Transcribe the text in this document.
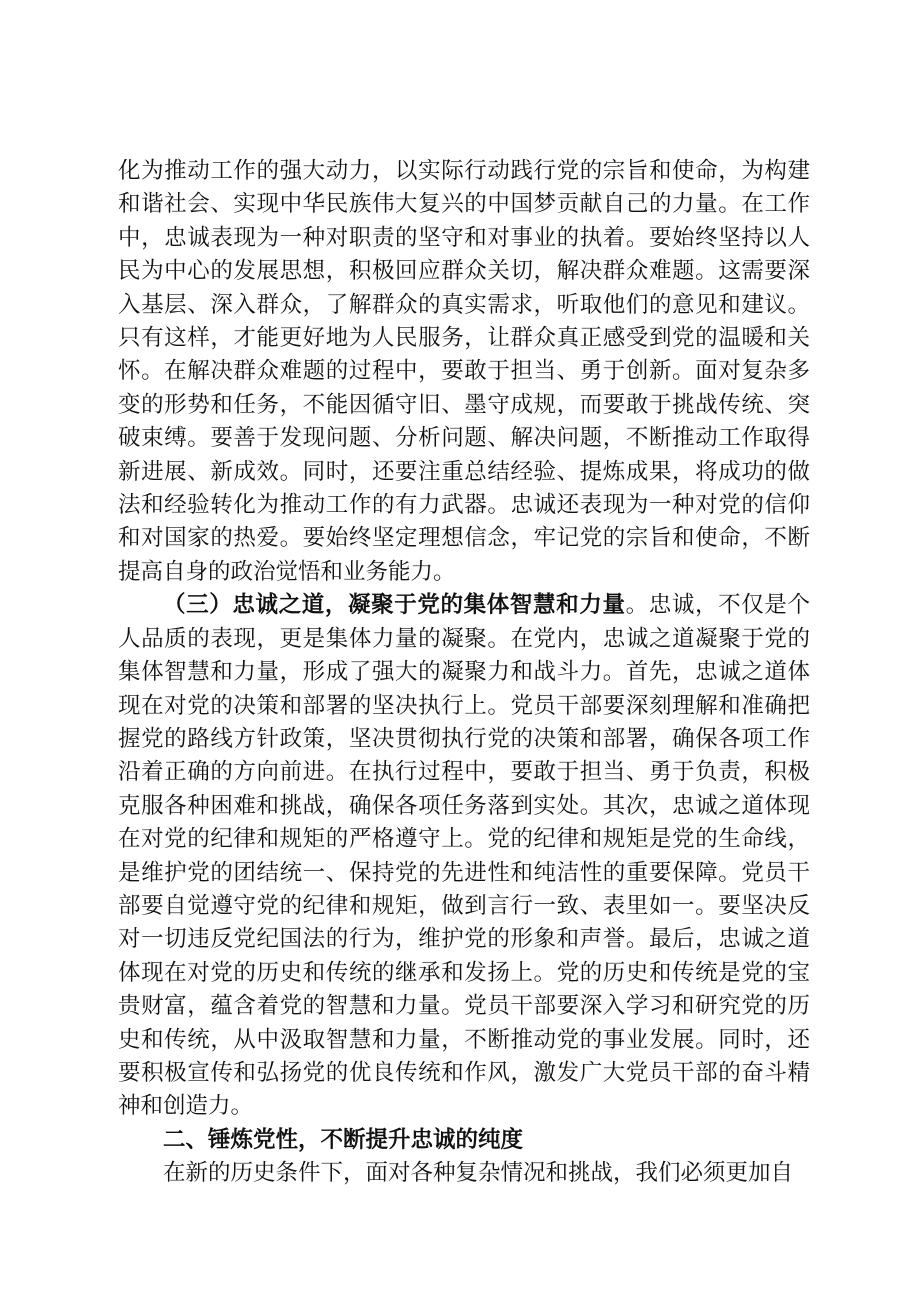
化为推动工作的强大动力，以实际行动践行党的宗旨和使命，为构建和谐社会、实现中华民族伟大复兴的中国梦贡献自己的力量。在工作中，忠诚表现为一种对职责的坚守和对事业的执着。要始终坚持以人民为中心的发展思想，积极回应群众关切，解决群众难题。这需要深入基层、深入群众，了解群众的真实需求，听取他们的意见和建议。只有这样，才能更好地为人民服务，让群众真正感受到党的温暖和关怀。在解决群众难题的过程中，要敢于担当、勇于创新。面对复杂多变的形势和任务，不能因循守旧、墨守成规，而要敢于挑战传统、突破束缚。要善于发现问题、分析问题、解决问题，不断推动工作取得新进展、新成效。同时，还要注重总结经验、提炼成果，将成功的做法和经验转化为推动工作的有力武器。忠诚还表现为一种对党的信仰和对国家的热爱。要始终坚定理想信念，牢记党的宗旨和使命，不断提高自身的政治觉悟和业务能力。

（三）忠诚之道，凝聚于党的集体智慧和力量。忠诚，不仅是个人品质的表现，更是集体力量的凝聚。在党内，忠诚之道凝聚于党的集体智慧和力量，形成了强大的凝聚力和战斗力。首先，忠诚之道体现在对党的决策和部署的坚决执行上。党员干部要深刻理解和准确把握党的路线方针政策，坚决贯彻执行党的决策和部署，确保各项工作沿着正确的方向前进。在执行过程中，要敢于担当、勇于负责，积极克服各种困难和挑战，确保各项任务落到实处。其次，忠诚之道体现在对党的纪律和规矩的严格遵守上。党的纪律和规矩是党的生命线，是维护党的团结统一、保持党的先进性和纯洁性的重要保障。党员干部要自觉遵守党的纪律和规矩，做到言行一致、表里如一。要坚决反对一切违反党纪国法的行为，维护党的形象和声誉。最后，忠诚之道体现在对党的历史和传统的继承和发扬上。党的历史和传统是党的宝贵财富，蕴含着党的智慧和力量。党员干部要深入学习和研究党的历史和传统，从中汲取智慧和力量，不断推动党的事业发展。同时，还要积极宣传和弘扬党的优良传统和作风，激发广大党员干部的奋斗精神和创造力。

二、锤炼党性，不断提升忠诚的纯度

在新的历史条件下，面对各种复杂情况和挑战，我们必须更加自
